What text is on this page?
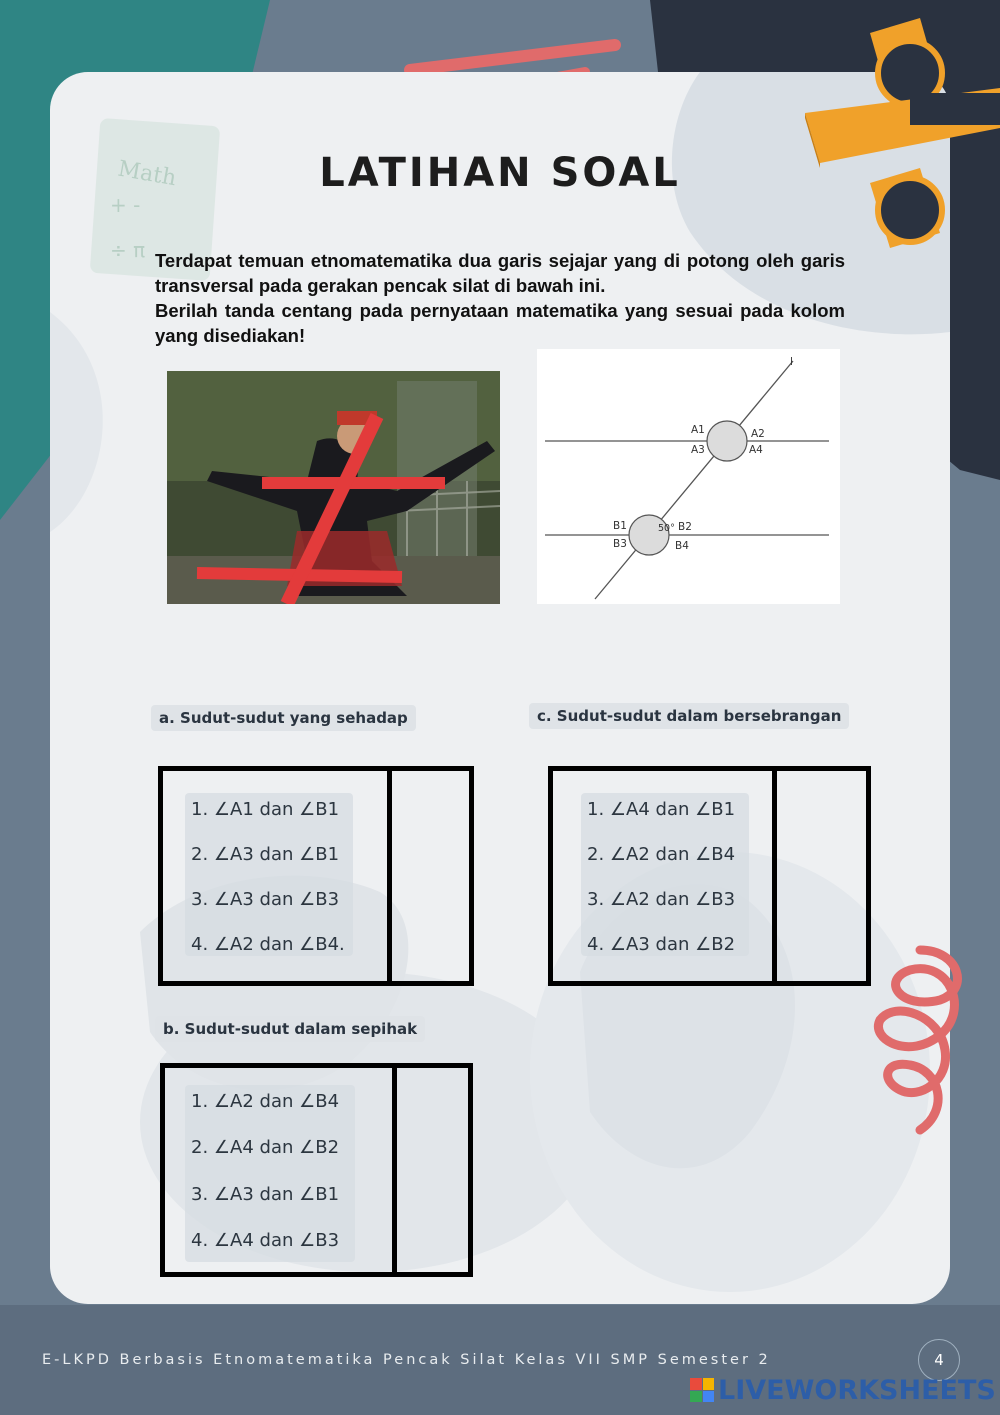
Math
+ -
÷ π
LATIHAN SOAL

Terdapat temuan etnomatematika dua garis sejajar yang di potong oleh garis transversal pada gerakan pencak silat di bawah ini.

Berilah tanda centang pada pernyataan matematika yang sesuai pada kolom yang disediakan!

l
A1	A2
A3	A4
B1	50° B2
B3	B4
a. Sudut-sudut yang sehadap
1. ∠A1 dan ∠B1
2. ∠A3 dan ∠B1
3. ∠A3 dan ∠B3
4. ∠A2 dan ∠B4.
c. Sudut-sudut dalam bersebrangan
1. ∠A4 dan ∠B1
2. ∠A2 dan ∠B4
3. ∠A2 dan ∠B3
4. ∠A3 dan ∠B2
b. Sudut-sudut dalam sepihak
1. ∠A2 dan ∠B4
2. ∠A4 dan ∠B2
3. ∠A3 dan ∠B1
4. ∠A4 dan ∠B3
E-LKPD Berbasis Etnomatematika Pencak Silat Kelas VII SMP Semester 2	4
LIVEWORKSHEETS
